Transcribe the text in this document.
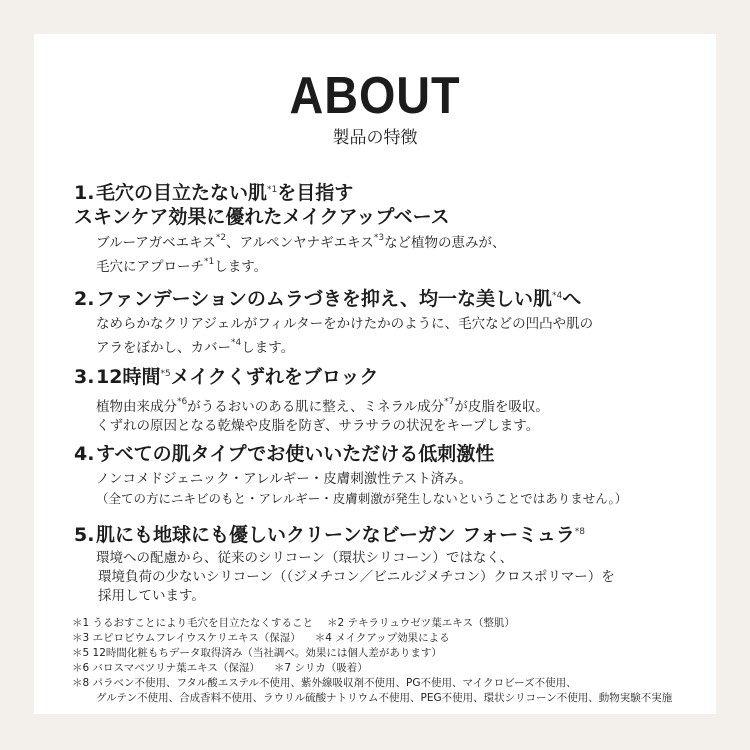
ABOUT
製品の特徴
1.毛穴の目立たない肌$^{*1}$を目指す
スキンケア効果に優れたメイクアップベース
ブルーアガベエキス$^{*2}$、アルペンヤナギエキス$^{*3}$など植物の恵みが、
毛穴にアプローチ$^{*1}$します。
2.ファンデーションのムラづきを抑え、均一な美しい肌$^{*4}$へ
なめらかなクリアジェルがフィルターをかけたかのように、毛穴などの凹凸や肌の
アラをぼかし、カバー$^{*4}$します。
3.12時間$^{*5}$メイクくずれをブロック
植物由来成分$^{*6}$がうるおいのある肌に整え、ミネラル成分$^{*7}$が皮脂を吸収。
くずれの原因となる乾燥や皮脂を防ぎ、サラサラの状況をキープします。
4.すべての肌タイプでお使いいただける低刺激性
ノンコメドジェニック・アレルギー・皮膚刺激性テスト済み。
（全ての方にニキビのもと・アレルギー・皮膚刺激が発生しないということではありません。）
5.肌にも地球にも優しいクリーンなビーガン フォーミュラ$^{*8}$
環境への配慮から、従来のシリコーン（環状シリコーン）ではなく、
環境負荷の少ないシリコーン（（ジメチコン／ビニルジメチコン）クロスポリマー）を
採用しています。
＊1 うるおすことにより毛穴を目立たなくすること ＊2 テキラリュウゼツ葉エキス（整肌）
＊3 エピロビウムフレイウスケリエキス（保湿） ＊4 メイクアップ効果による
＊5 12時間化粧もちデータ取得済み（当社調べ。効果には個人差があります）
＊6 バロスマベツリナ葉エキス（保湿） ＊7 シリカ（吸着）
＊8 パラベン不使用、フタル酸エステル不使用、紫外線吸収剤不使用、PG不使用、マイクロビーズ不使用、
グルテン不使用、合成香料不使用、ラウリル硫酸ナトリウム不使用、PEG不使用、環状シリコーン不使用、動物実験不実施
